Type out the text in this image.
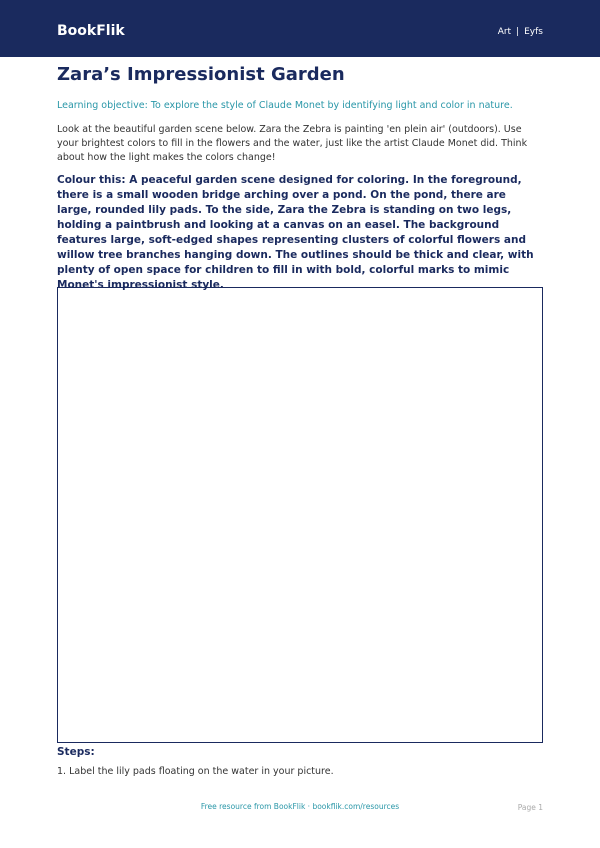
BookFlik	Art | Eyfs
Zara’s Impressionist Garden
Learning objective: To explore the style of Claude Monet by identifying light and color in nature.
Look at the beautiful garden scene below. Zara the Zebra is painting 'en plein air' (outdoors). Use your brightest colors to fill in the flowers and the water, just like the artist Claude Monet did. Think about how the light makes the colors change!
Colour this: A peaceful garden scene designed for coloring. In the foreground, there is a small wooden bridge arching over a pond. On the pond, there are large, rounded lily pads. To the side, Zara the Zebra is standing on two legs, holding a paintbrush and looking at a canvas on an easel. The background features large, soft-edged shapes representing clusters of colorful flowers and willow tree branches hanging down. The outlines should be thick and clear, with plenty of open space for children to fill in with bold, colorful marks to mimic Monet's impressionist style.
Steps:
1. Label the lily pads floating on the water in your picture.
Free resource from BookFlik · bookflik.com/resources	Page 1
